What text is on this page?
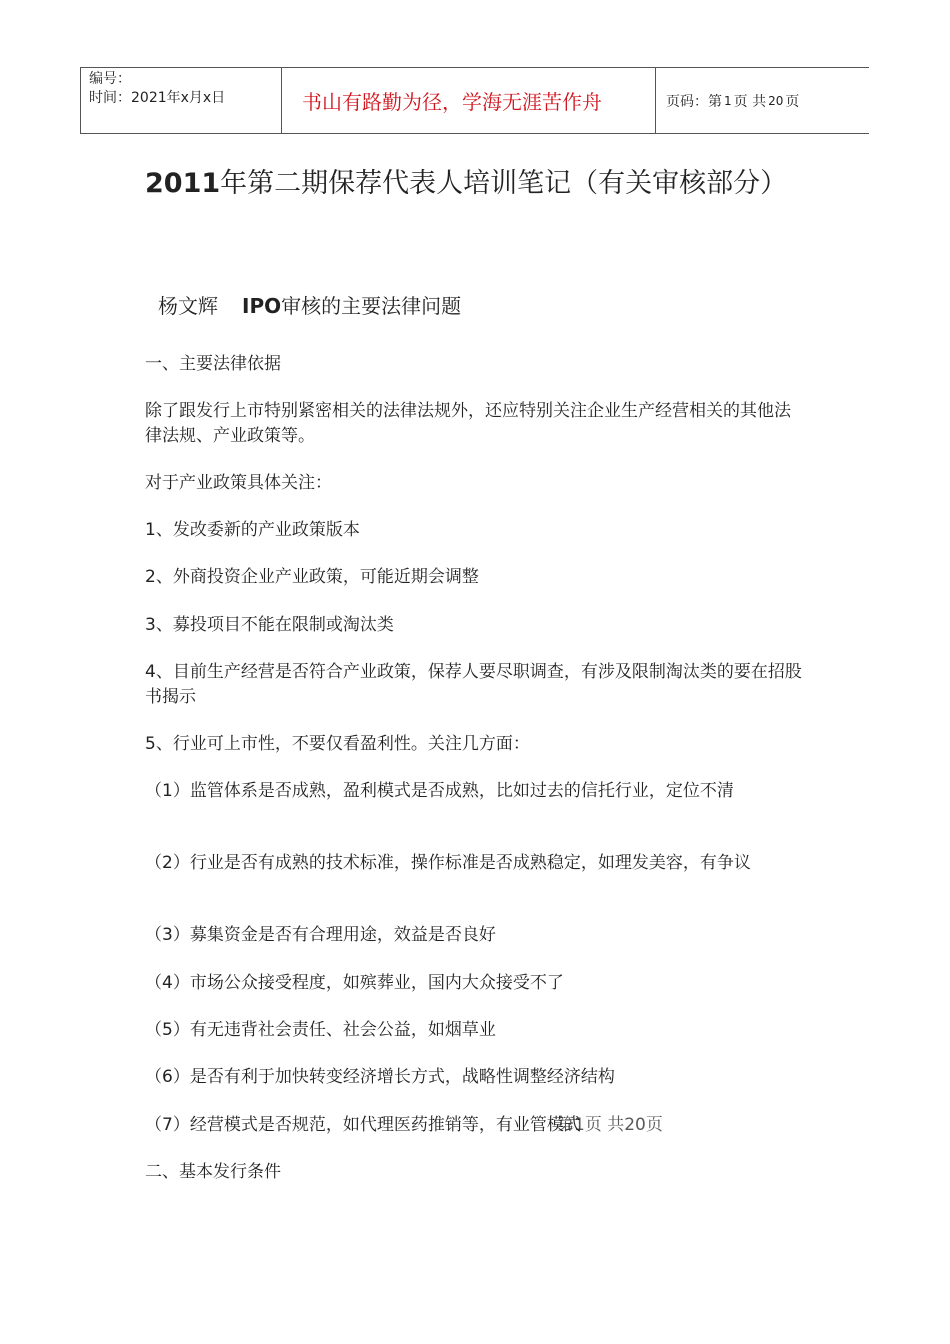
编号：
时间：2021年x月x日	书山有路勤为径，学海无涯苦作舟	页码：第 1 页 共 20 页
2011年第二期保荐代表人培训笔记（有关审核部分）

杨文辉 IPO审核的主要法律问题

一、主要法律依据

除了跟发行上市特别紧密相关的法律法规外，还应特别关注企业生产经营相关的其他法律法规、产业政策等。

对于产业政策具体关注：

1、发改委新的产业政策版本

2、外商投资企业产业政策，可能近期会调整

3、募投项目不能在限制或淘汰类

4、目前生产经营是否符合产业政策，保荐人要尽职调查，有涉及限制淘汰类的要在招股书揭示

5、行业可上市性，不要仅看盈利性。关注几方面：

（1）监管体系是否成熟，盈利模式是否成熟，比如过去的信托行业，定位不清

（2）行业是否有成熟的技术标准，操作标准是否成熟稳定，如理发美容，有争议

（3）募集资金是否有合理用途，效益是否良好

（4）市场公众接受程度，如殡葬业，国内大众接受不了

（5）有无违背社会责任、社会公益，如烟草业

（6）是否有利于加快转变经济增长方式，战略性调整经济结构

（7）经营模式是否规范，如代理医药推销等，有业管模式

第1页 共20页

二、基本发行条件
